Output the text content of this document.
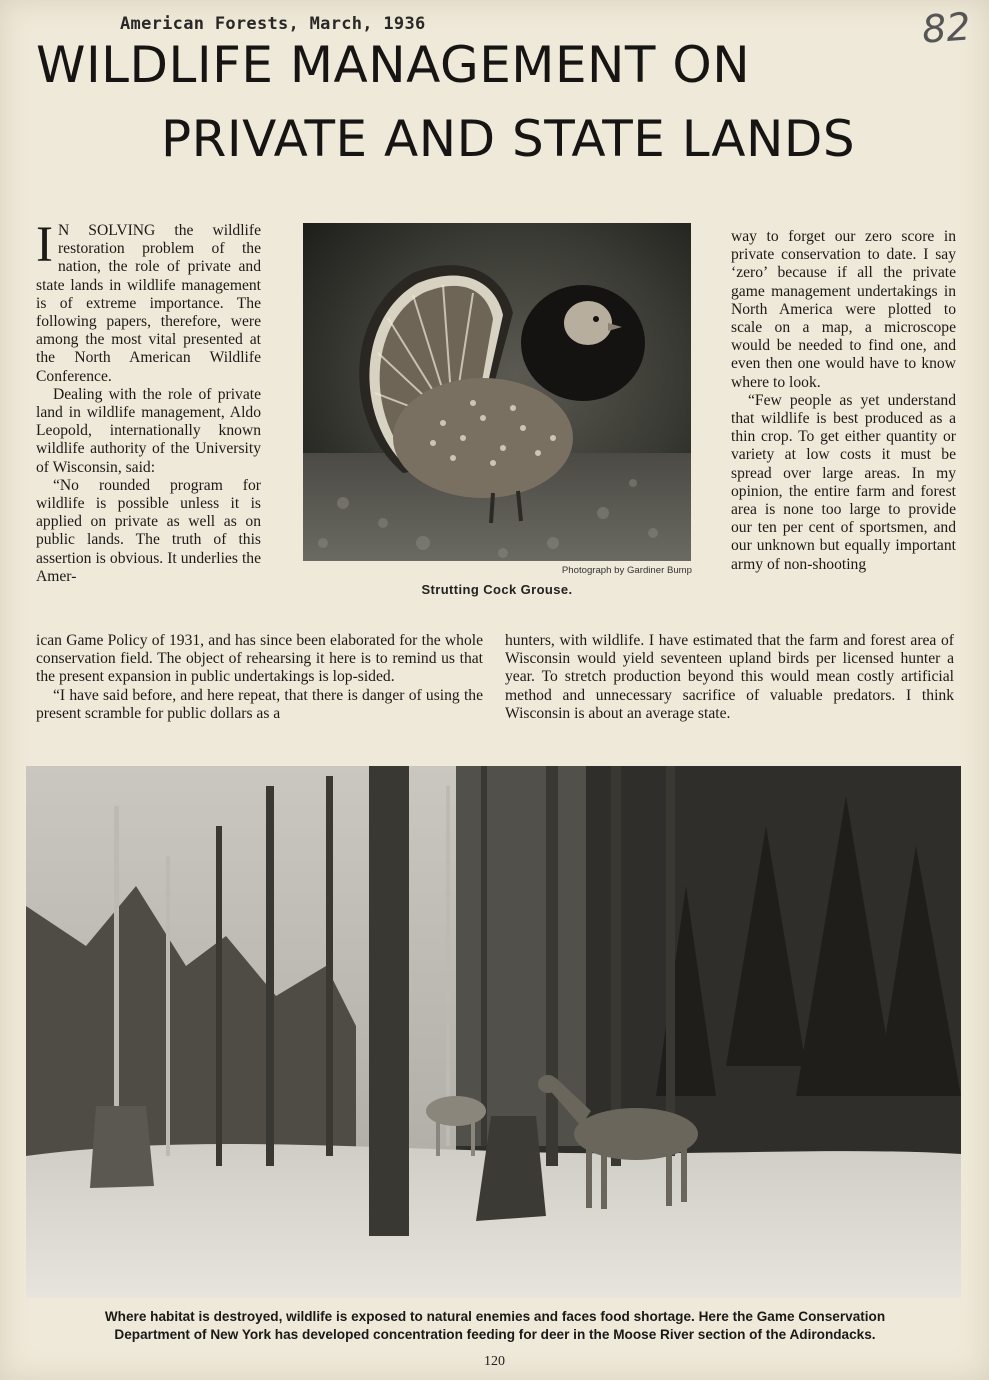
American Forests, March, 1936	82
WILDLIFE MANAGEMENT ON
PRIVATE AND STATE LANDS

I N SOLVING the wildlife restoration problem of the nation, the role of private and state lands in wildlife management is of extreme importance. The following papers, therefore, were among the most vital presented at the North American Wildlife Conference.

Dealing with the role of private land in wildlife management, Aldo Leopold, internationally known wildlife authority of the University of Wisconsin, said:

“No rounded program for wildlife is possible unless it is applied on private as well as on public lands. The truth of this assertion is obvious. It underlies the Amer-	Photograph by Gardiner Bump
Strutting Cock Grouse.

way to forget our zero score in private conservation to date. I say ‘zero’ because if all the private game management undertakings in North America were plotted to scale on a map, a microscope would be needed to find one, and even then one would have to know where to look.

“Few people as yet understand that wildlife is best produced as a thin crop. To get either quantity or variety at low costs it must be spread over large areas. In my opinion, the entire farm and forest area is none too large to provide our ten per cent of sportsmen, and our unknown but equally important army of non-shooting

ican Game Policy of 1931, and has since been elaborated for the whole conservation field. The object of rehearsing it here is to remind us that the present expansion in public undertakings is lop-sided.

“I have said before, and here repeat, that there is danger of using the present scramble for public dollars as a

hunters, with wildlife. I have estimated that the farm and forest area of Wisconsin would yield seventeen upland birds per licensed hunter a year. To stretch production beyond this would mean costly artificial method and unnecessary sacrifice of valuable predators. I think Wisconsin is about an average state.

Where habitat is destroyed, wildlife is exposed to natural enemies and faces food shortage. Here the Game Conservation Department of New York has developed concentration feeding for deer in the Moose River section of the Adirondacks.
120
